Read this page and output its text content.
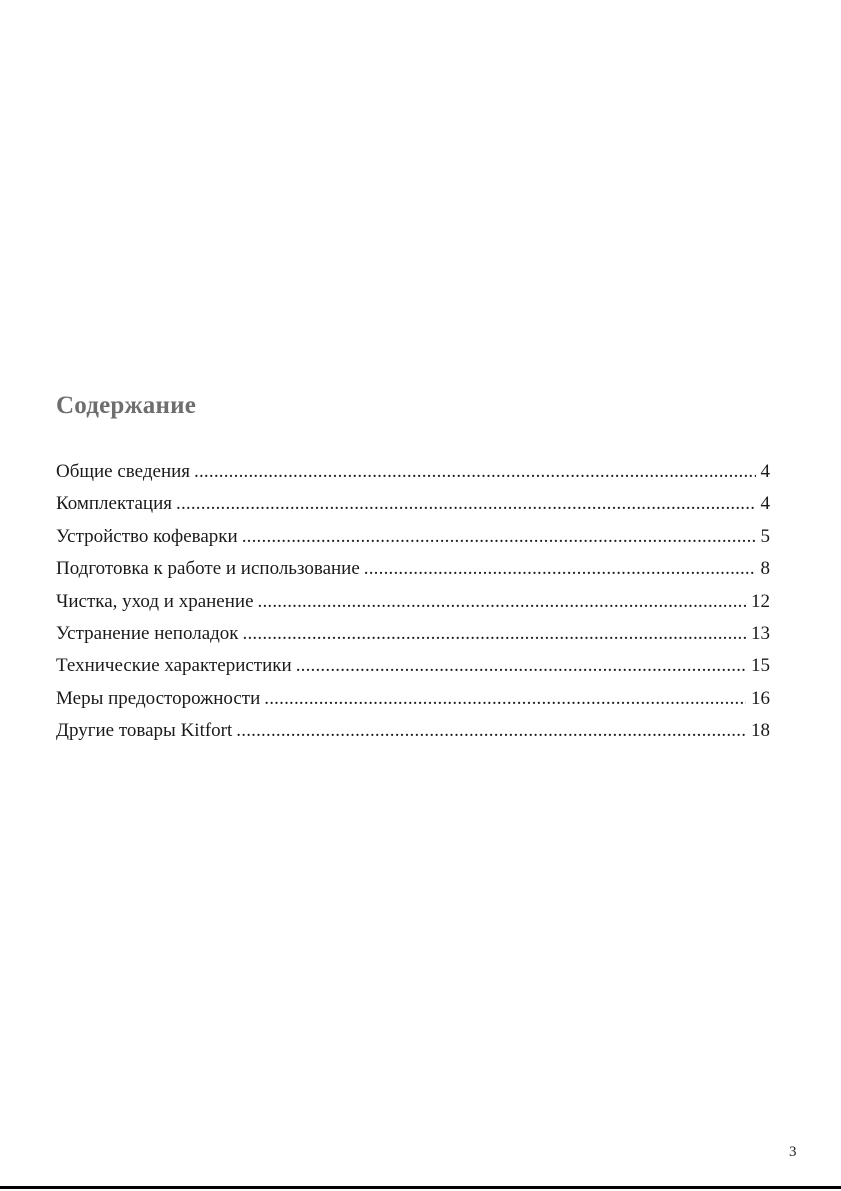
Содержание
Общие сведения .....	4
Комплектация .....	4
Устройство кофеварки .....	5
Подготовка к работе и использование .....	8
Чистка, уход и хранение .....	12
Устранение неполадок .....	13
Технические характеристики .....	15
Меры предосторожности .....	16
Другие товары Kitfort .....	18
3
